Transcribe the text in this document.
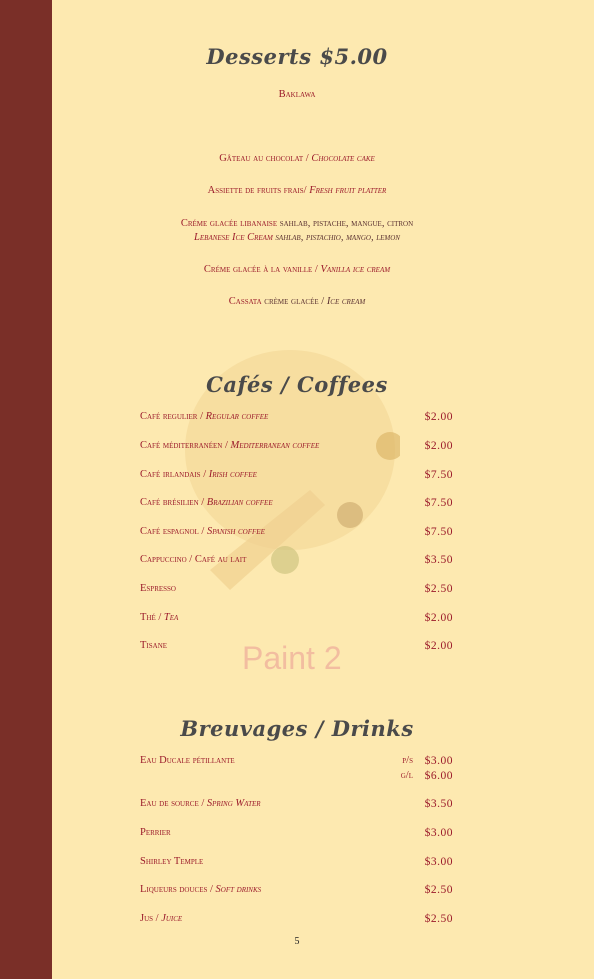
Paint 2
Desserts $5.00
Baklawa
Gâteau au chocolat / Chocolate cake
Assiette de fruits frais/ Fresh fruit platter
Créme glacée libanaise sahlab, pistache, mangue, citron
Lebanese Ice Cream sahlab, pistachio, mango, lemon
Créme glacée à la vanille / Vanilla ice cream
Cassata crème glacée / Ice cream
Cafés / Coffees
Café regulier / Regular coffee	$2.00
Café méditerranéen / Mediterranean coffee	$2.00
Café irlandais / Irish coffee	$7.50
Café brésilien / Brazilian coffee	$7.50
Café espagnol / Spanish coffee	$7.50
Cappuccino / Café au lait	$3.50
Espresso	$2.50
Thé / Tea	$2.00
Tisane	$2.00
Breuvages / Drinks
Eau Ducale pétillante	p/s $3.00
g/l $6.00
Eau de source / Spring Water	$3.50
Perrier	$3.00
Shirley Temple	$3.00
Liqueurs douces / Soft drinks	$2.50
Jus / Juice	$2.50
5
